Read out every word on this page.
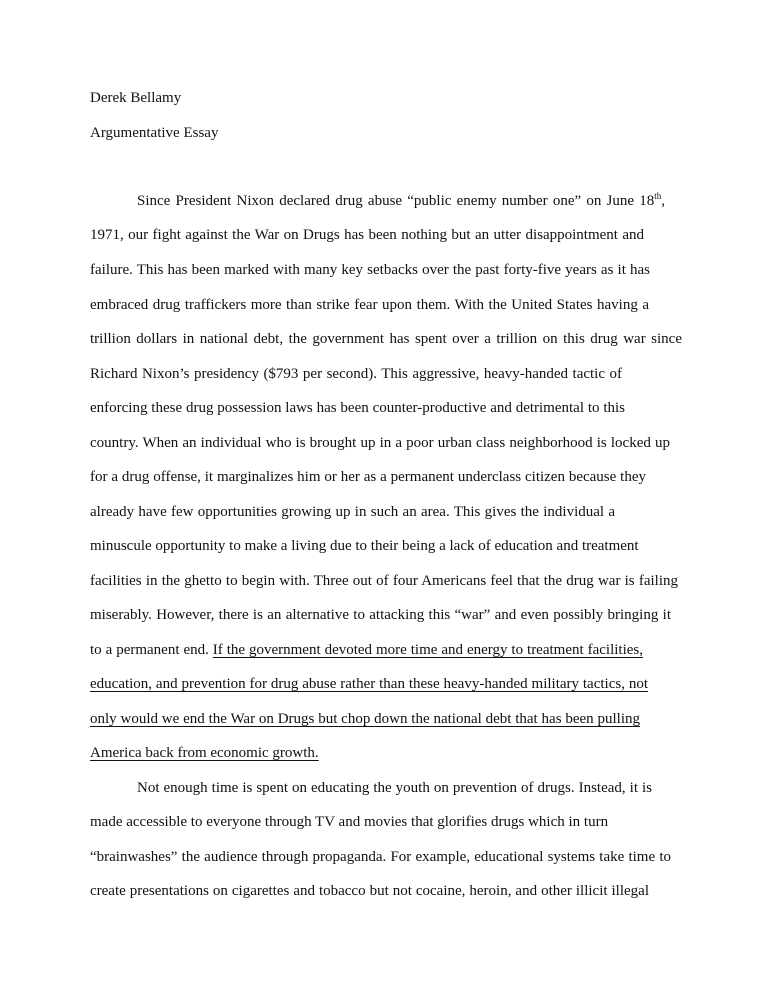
Derek Bellamy
Argumentative Essay
Since President Nixon declared drug abuse “public enemy number one” on June 18th,
1971, our fight against the War on Drugs has been nothing but an utter disappointment and
failure. This has been marked with many key setbacks over the past forty-five years as it has
embraced drug traffickers more than strike fear upon them. With the United States having a
trillion dollars in national debt, the government has spent over a trillion on this drug war since
Richard Nixon’s presidency ($793 per second). This aggressive, heavy-handed tactic of
enforcing these drug possession laws has been counter-productive and detrimental to this
country. When an individual who is brought up in a poor urban class neighborhood is locked up
for a drug offense, it marginalizes him or her as a permanent underclass citizen because they
already have few opportunities growing up in such an area. This gives the individual a
minuscule opportunity to make a living due to their being a lack of education and treatment
facilities in the ghetto to begin with. Three out of four Americans feel that the drug war is failing
miserably. However, there is an alternative to attacking this “war” and even possibly bringing it
to a permanent end. If the government devoted more time and energy to treatment facilities,
education, and prevention for drug abuse rather than these heavy-handed military tactics, not
only would we end the War on Drugs but chop down the national debt that has been pulling
America back from economic growth.
Not enough time is spent on educating the youth on prevention of drugs. Instead, it is
made accessible to everyone through TV and movies that glorifies drugs which in turn
“brainwashes” the audience through propaganda. For example, educational systems take time to
create presentations on cigarettes and tobacco but not cocaine, heroin, and other illicit illegal
